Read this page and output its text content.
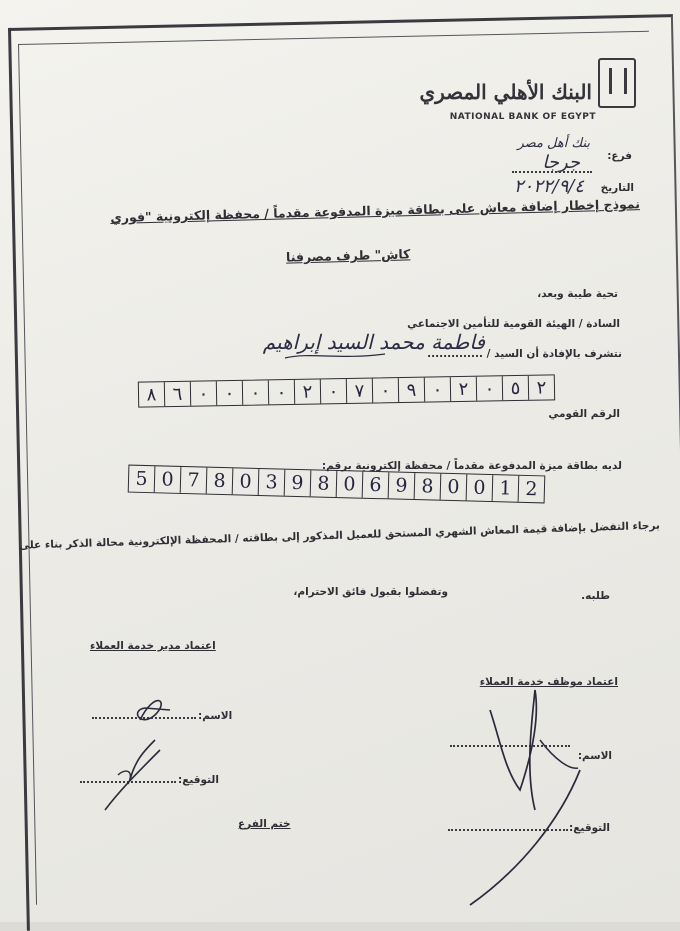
البنك الأهلي المصري
NATIONAL BANK OF EGYPT
بنك أهل مصر
فرع:
جرجا
التاريخ
٢٠٢٢/٩/٤
نموذج إخطار إضافة معاش على بطاقة ميزة المدفوعة مقدماً / محفظة إلكترونية "فوري
كاش" طرف مصرفنا
تحية طيبة وبعد،
السادة / الهيئة القومية للتأمين الاجتماعي
نتشرف بالإفادة أن السيد / ..............
فاطمة محمد السيد إبراهيم
الرقم القومي
٢
٥
٠
٢
٠
٩
٠
٧
٠
٢
٠
٠
٠
٠
٦
٨
لديه بطاقة ميزة المدفوعة مقدماً / محفظة إلكترونية برقم:
5 0 7 8 0 3 9 8 0 6 9 8 0 0 1 2
برجاء التفضل بإضافة قيمة المعاش الشهري المستحق للعميل المذكور إلى بطاقته / المحفظة الإلكترونية محالة الذكر بناء على
طلبه.
وتفضلوا بقبول فائق الاحترام،
اعتماد مدير خدمة العملاء
الاسم:
التوقيع:
اعتماد موظف خدمة العملاء
الاسم:
التوقيع:
ختم الفرع
